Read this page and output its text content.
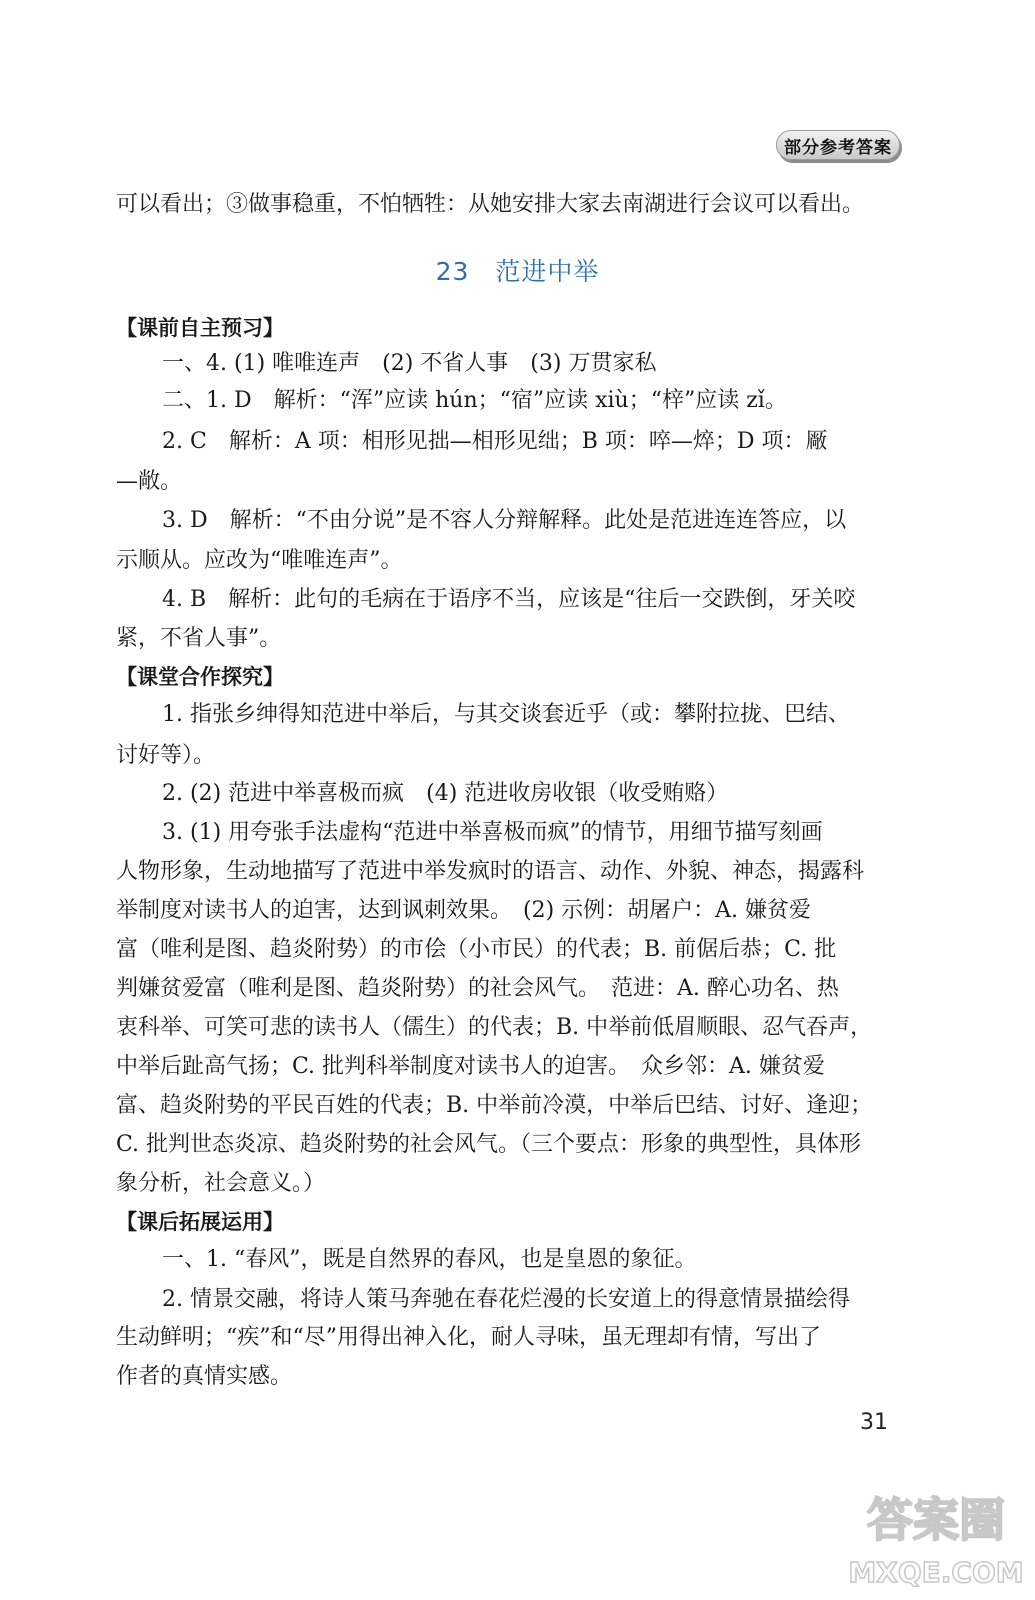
部分参考答案
可以看出；③做事稳重，不怕牺牲：从她安排大家去南湖进行会议可以看出。
23 范进中举
【课前自主预习】
一、4. (1) 唯唯连声　(2) 不省人事　(3) 万贯家私
二、1. D　解析：“浑”应读 hún；“宿”应读 xiù；“梓”应读 zǐ。
2. C　解析：A 项：相形见拙—相形见绌；B 项：啐—焠；D 项：厰
—敞。
3. D　解析：“不由分说”是不容人分辩解释。此处是范进连连答应，以
示顺从。应改为“唯唯连声”。
4. B　解析：此句的毛病在于语序不当，应该是“往后一交跌倒，牙关咬
紧，不省人事”。
【课堂合作探究】
1. 指张乡绅得知范进中举后，与其交谈套近乎（或：攀附拉拢、巴结、
讨好等）。
2. (2) 范进中举喜极而疯　(4) 范进收房收银（收受贿赂）
3. (1) 用夸张手法虚构“范进中举喜极而疯”的情节，用细节描写刻画
人物形象，生动地描写了范进中举发疯时的语言、动作、外貌、神态，揭露科
举制度对读书人的迫害，达到讽刺效果。　(2) 示例：胡屠户：A. 嫌贫爱
富（唯利是图、趋炎附势）的市侩（小市民）的代表；B. 前倨后恭；C. 批
判嫌贫爱富（唯利是图、趋炎附势）的社会风气。　范进：A. 醉心功名、热
衷科举、可笑可悲的读书人（儒生）的代表；B. 中举前低眉顺眼、忍气吞声，
中举后趾高气扬；C. 批判科举制度对读书人的迫害。　众乡邻：A. 嫌贫爱
富、趋炎附势的平民百姓的代表；B. 中举前冷漠，中举后巴结、讨好、逢迎；
C. 批判世态炎凉、趋炎附势的社会风气。（三个要点：形象的典型性，具体形
象分析，社会意义。）
【课后拓展运用】
一、1. “春风”，既是自然界的春风，也是皇恩的象征。
2. 情景交融，将诗人策马奔驰在春花烂漫的长安道上的得意情景描绘得
生动鲜明；“疾”和“尽”用得出神入化，耐人寻味，虽无理却有情，写出了
作者的真情实感。
31
答案圈
MXQE.COM
